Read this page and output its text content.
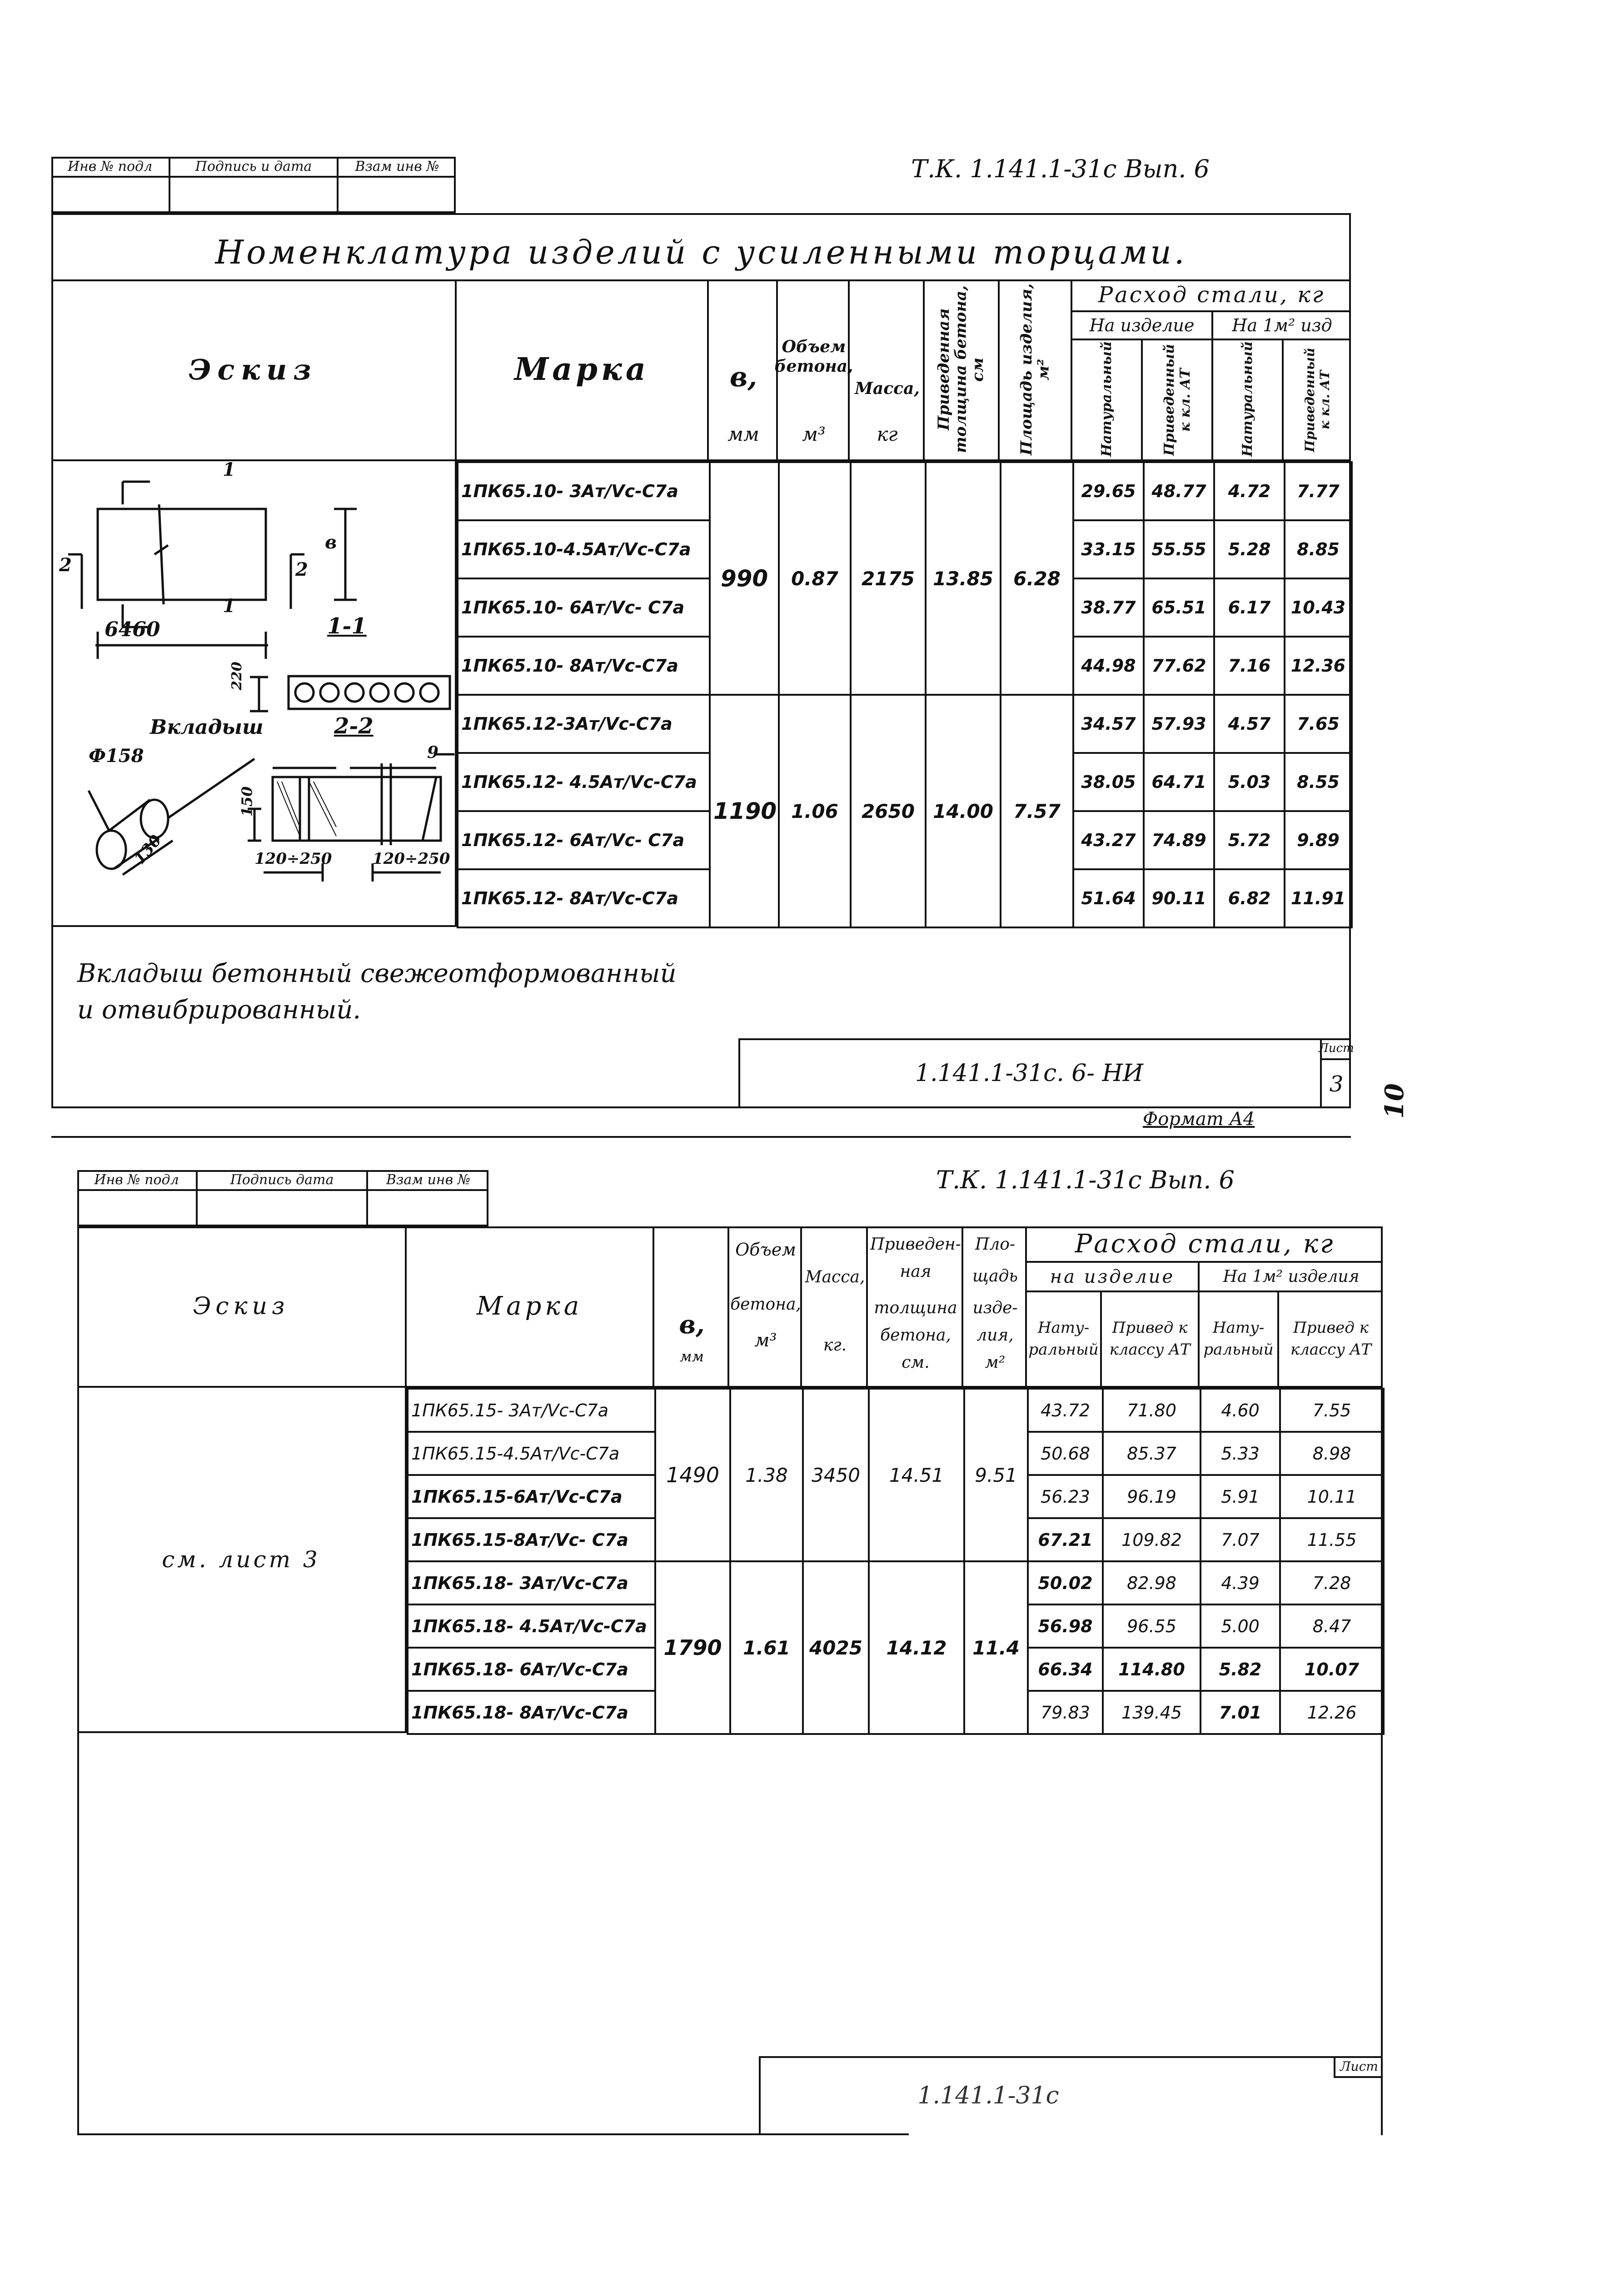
Инв № подл	Подпись и дата	Взам инв №	Т.К. 1.141.1-31с Вып. 6
Номенклатура изделий с усиленными торцами.
Эскиз	Марка	в,
мм
Объем бетона,
м³
Масса,
кг
Приведенная толщина бетона, см Площадь изделия, м²
Расход стали, кг
На изделие	На 1м² изд
Натуральный	Приведенный к кл. AТ	Натуральный	Приведенный к кл. AТ
6460
1
1
2	2
в
1-1
220
Вкладыш	2-2
Ф158	9
150
130	120÷250	120÷250
1ПК65.10- 3Ат/Vс-С7а	990	0.87	2175	13.85	6.28	29.65	48.77	4.72	7.77
1ПК65.10-4.5Ат/Vс-С7а						33.15	55.55	5.28	8.85
1ПК65.10- 6Ат/Vс- С7а						38.77	65.51	6.17	10.43
1ПК65.10- 8Ат/Vс-С7а						44.98	77.62	7.16	12.36
1ПК65.12-3Ат/Vс-С7а	1190	1.06	2650	14.00	7.57	34.57	57.93	4.57	7.65
1ПК65.12- 4.5Ат/Vс-С7а						38.05	64.71	5.03	8.55
1ПК65.12- 6Ат/Vс- С7а						43.27	74.89	5.72	9.89
1ПК65.12- 8Ат/Vс-С7а						51.64	90.11	6.82	11.91
Вкладыш бетонный свежеотформованный
и отвибрированный.
1.141.1-31с. 6- НИ
Лист
3
Формат А4
10
Инв № подл	Подпись дата	Взам инв №	Т.К. 1.141.1-31с Вып. 6
Эскиз	Марка
в,
мм
Объем
бетона,
м³
Масса,
кг.
Приведен-
ная
толщина
бетона,
см.
Пло-
щадь
изде-
лия,
м²
Расход стали, кг
на изделие	На 1м² изделия
Нату-ральный
Привед к классу AТ
Нату-ральный
Привед к классу AТ
см. лист 3
1ПК65.15- 3Ат/Vс-С7а	1490	1.38	3450	14.51	9.51	43.72	71.80	4.60	7.55
1ПК65.15-4.5Ат/Vс-С7а						50.68	85.37	5.33	8.98
1ПК65.15-6Ат/Vс-С7а						56.23	96.19	5.91	10.11
1ПК65.15-8Ат/Vс- С7а						67.21	109.82	7.07	11.55
1ПК65.18- 3Ат/Vс-С7а	1790	1.61	4025	14.12	11.4	50.02	82.98	4.39	7.28
1ПК65.18- 4.5Ат/Vс-С7а						56.98	96.55	5.00	8.47
1ПК65.18- 6Ат/Vс-С7а						66.34	114.80	5.82	10.07
1ПК65.18- 8Ат/Vс-С7а						79.83	139.45	7.01	12.26
1.141.1-31с
Лист
